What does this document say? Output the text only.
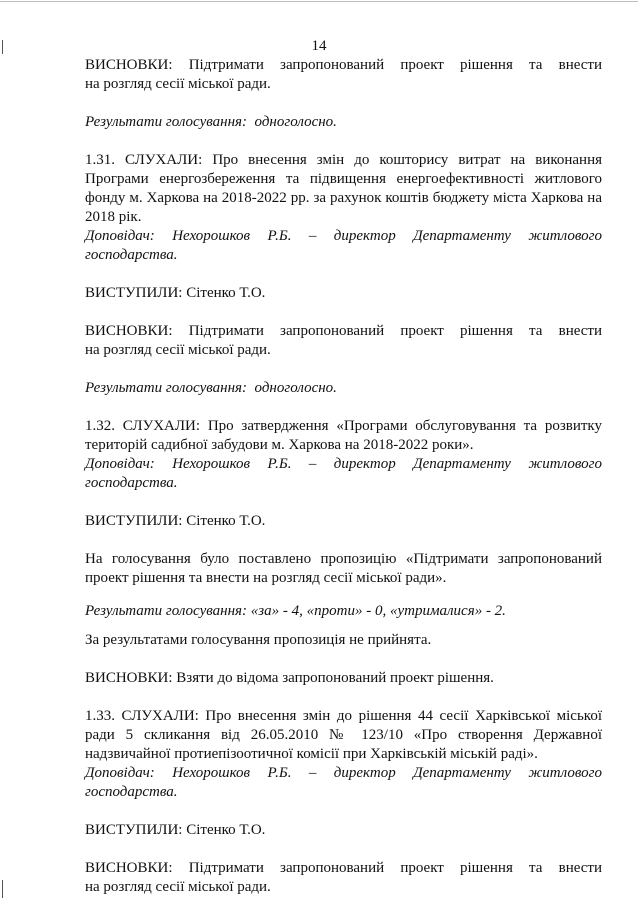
14

ВИСНОВКИ: Підтримати запропонований проект рішення та внести

на розгляд сесії міської ради.

Результати голосування: одноголосно.

1.31. СЛУХАЛИ: Про внесення змін до кошторису витрат на виконання Програми енергозбереження та підвищення енергоефективності житлового фонду м. Харкова на 2018-2022 рр. за рахунок коштів бюджету міста Харкова на 2018 рік.

Доповідач: Нехорошков Р.Б. – директор Департаменту житлового господарства.

ВИСТУПИЛИ: Сітенко Т.О.

ВИСНОВКИ: Підтримати запропонований проект рішення та внести

на розгляд сесії міської ради.

Результати голосування: одноголосно.

1.32. СЛУХАЛИ: Про затвердження «Програми обслуговування та розвитку територій садибної забудови м. Харкова на 2018-2022 роки».

Доповідач: Нехорошков Р.Б. – директор Департаменту житлового господарства.

ВИСТУПИЛИ: Сітенко Т.О.

На голосування було поставлено пропозицію «Підтримати запропонований проект рішення та внести на розгляд сесії міської ради».

Результати голосування: «за» - 4, «проти» - 0, «утрималися» - 2.

За результатами голосування пропозиція не прийнята.

ВИСНОВКИ: Взяти до відома запропонований проект рішення.

1.33. СЛУХАЛИ: Про внесення змін до рішення 44 сесії Харківської міської ради 5 скликання від 26.05.2010 № 123/10 «Про створення Державної надзвичайної протиепізоотичної комісії при Харківській міській раді».

Доповідач: Нехорошков Р.Б. – директор Департаменту житлового господарства.

ВИСТУПИЛИ: Сітенко Т.О.

ВИСНОВКИ: Підтримати запропонований проект рішення та внести

на розгляд сесії міської ради.
